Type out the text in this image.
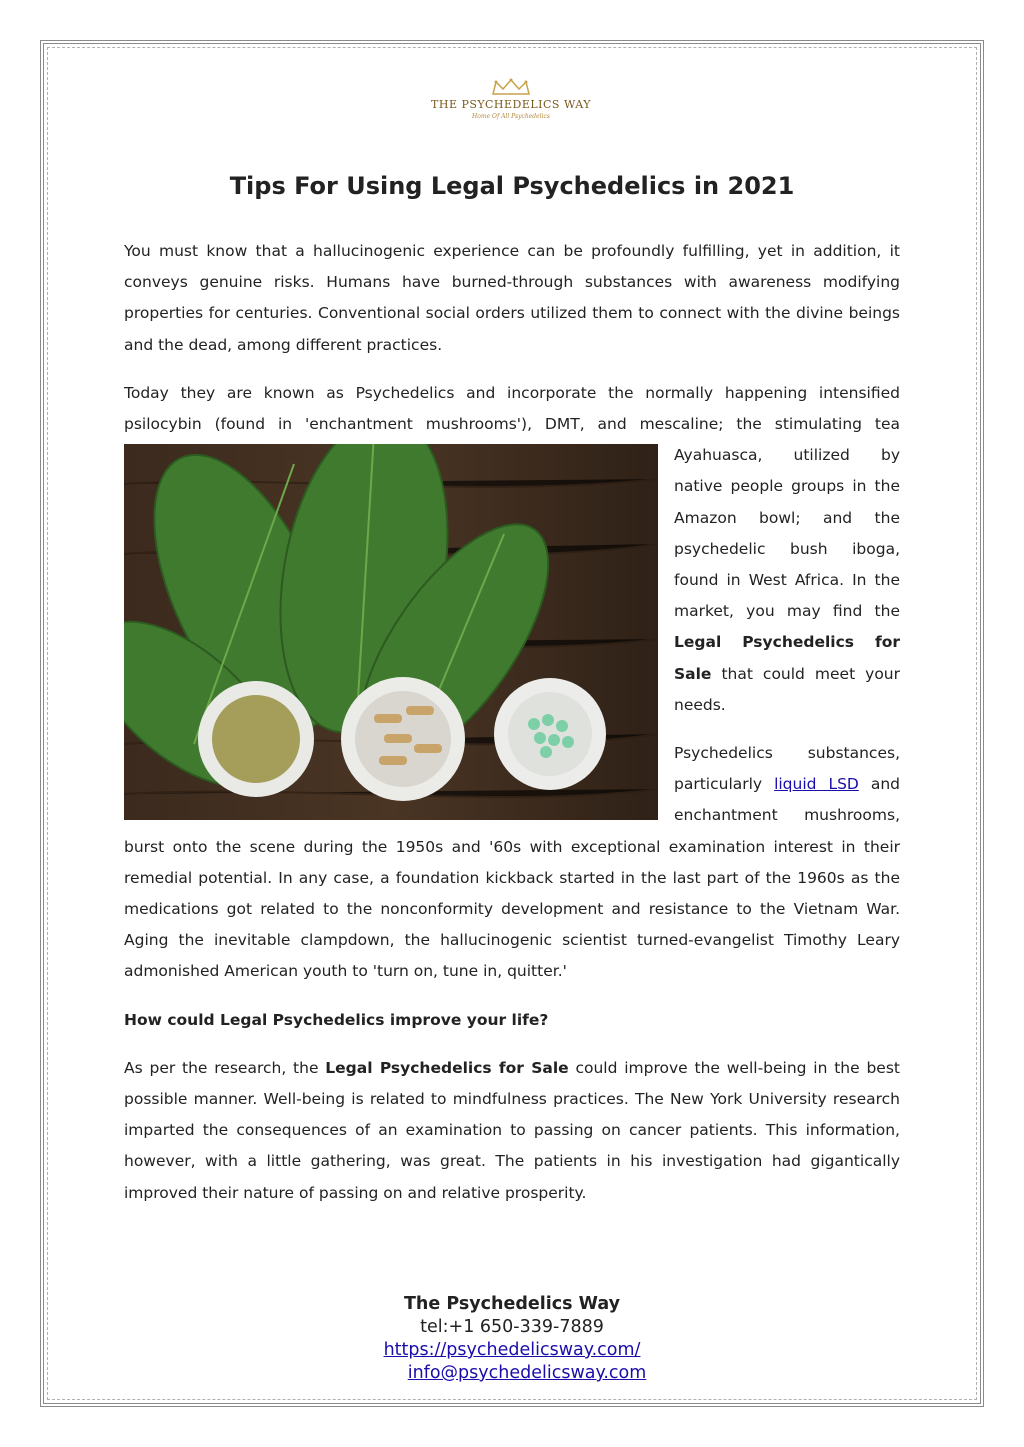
THE PSYCHEDELICS WAY
Home Of All Psychedelics
Tips For Using Legal Psychedelics in 2021

You must know that a hallucinogenic experience can be profoundly fulfilling, yet in addition, it conveys genuine risks. Humans have burned-through substances with awareness modifying properties for centuries. Conventional social orders utilized them to connect with the divine beings and the dead, among different practices.

Today they are known as Psychedelics and incorporate the normally happening intensified psilocybin (found in 'enchantment mushrooms'), DMT, and mescaline; the
stimulating tea Ayahuasca, utilized by native people groups in the Amazon bowl; and the psychedelic bush iboga, found in West Africa. In the market, you may find the Legal Psychedelics for Sale that could meet your needs.

Psychedelics substances, particularly liquid LSD and enchantment mushrooms, burst onto the scene during the 1950s and '60s with exceptional examination interest in their remedial potential. In any case, a foundation kickback started in the last part of the 1960s as the medications got related to the nonconformity development and resistance to the Vietnam War. Aging the inevitable clampdown, the hallucinogenic scientist turned-evangelist Timothy Leary admonished American youth to 'turn on, tune in, quitter.'

How could Legal Psychedelics improve your life?

As per the research, the Legal Psychedelics for Sale could improve the well-being in the best possible manner. Well-being is related to mindfulness practices. The New York University research imparted the consequences of an examination to passing on cancer patients. This information, however, with a little gathering, was great. The patients in his investigation had gigantically improved their nature of passing on and relative prosperity.

The Psychedelics Way
tel:+1 650-339-7889
https://psychedelicsway.com/
info@psychedelicsway.com
